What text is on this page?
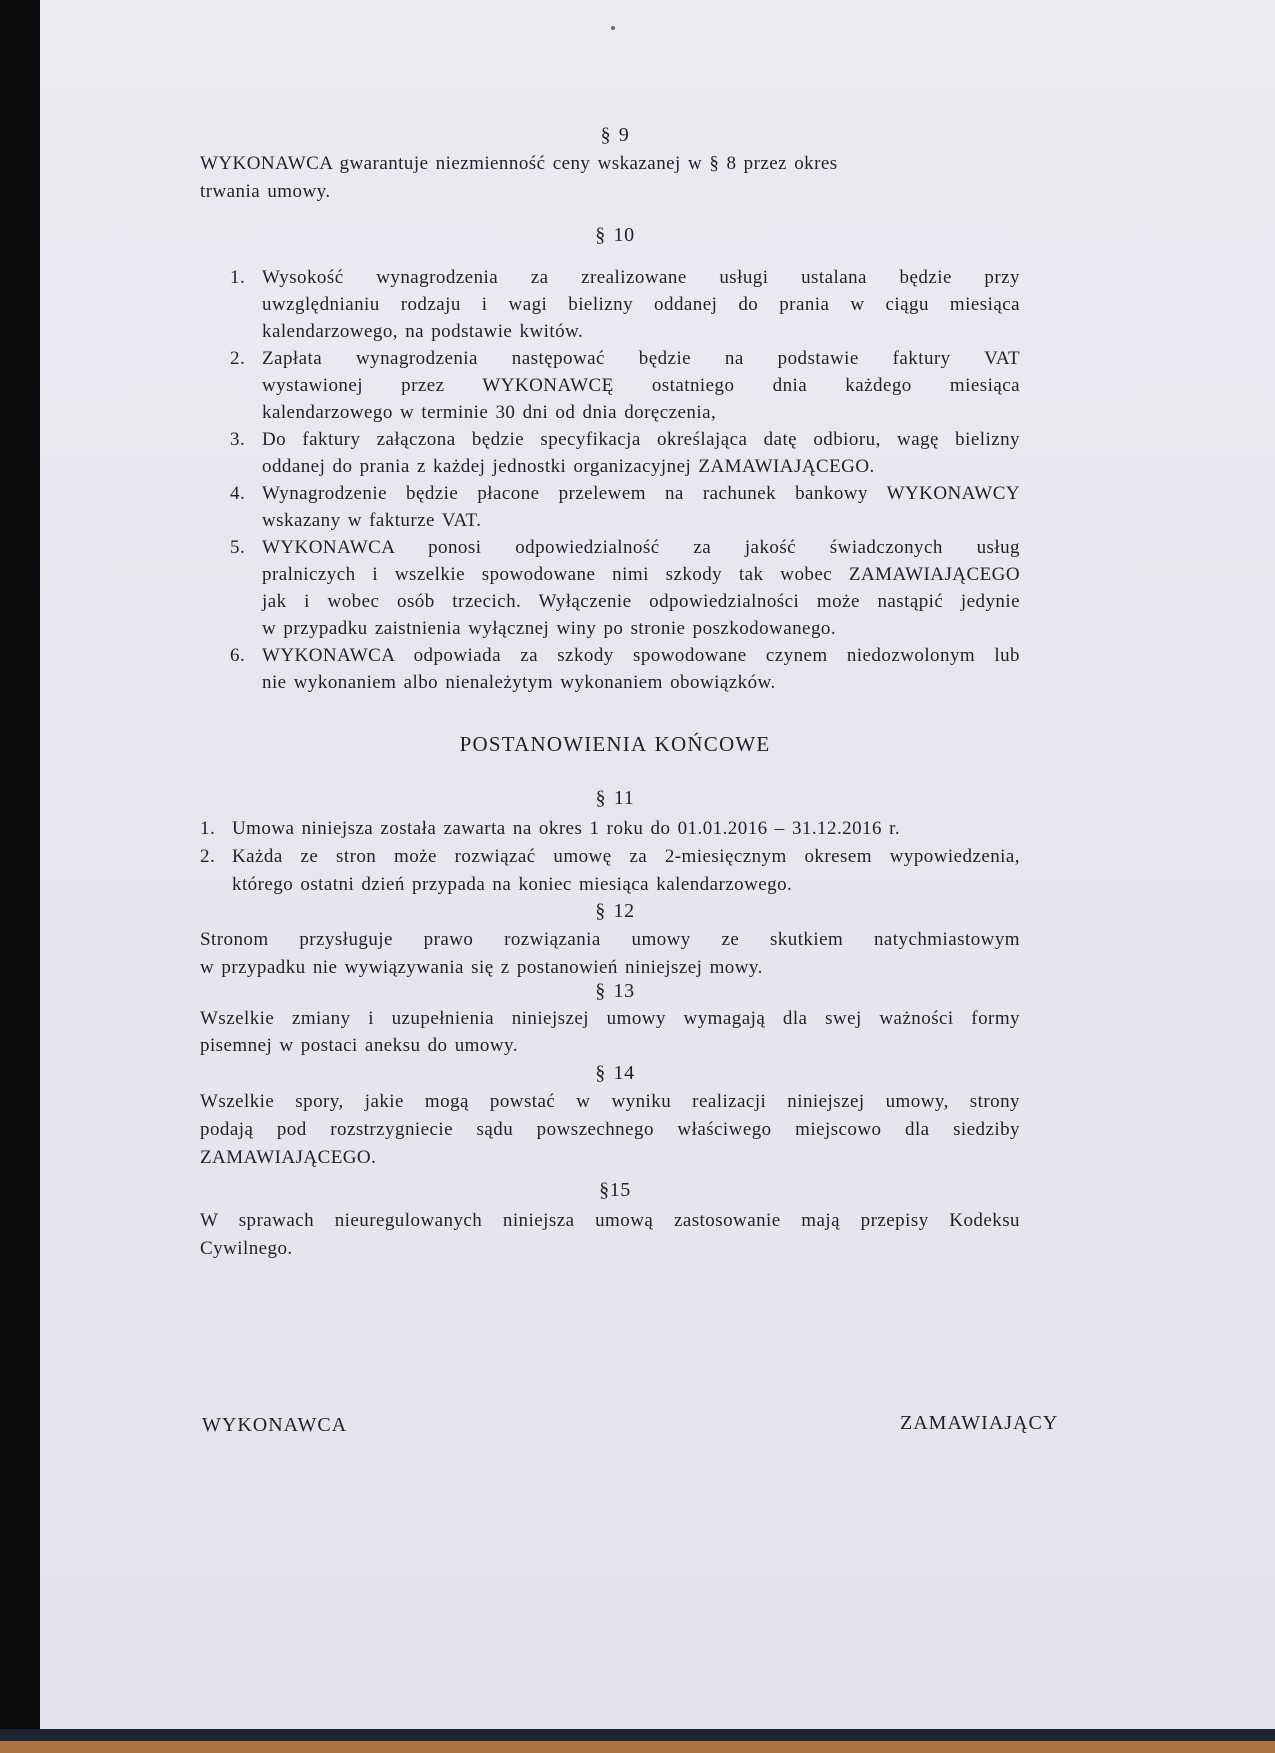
§ 9
WYKONAWCA gwarantuje niezmienność ceny wskazanej w § 8 przez okres
trwania umowy.
§ 10
1. Wysokość wynagrodzenia za zrealizowane usługi ustalana będzie przy
uwzględnianiu rodzaju i wagi bielizny oddanej do prania w ciągu miesiąca
kalendarzowego, na podstawie kwitów.
2. Zapłata wynagrodzenia następować będzie na podstawie faktury VAT
wystawionej przez WYKONAWCĘ ostatniego dnia każdego miesiąca
kalendarzowego w terminie 30 dni od dnia doręczenia,
3. Do faktury załączona będzie specyfikacja określająca datę odbioru, wagę bielizny
oddanej do prania z każdej jednostki organizacyjnej ZAMAWIAJĄCEGO.
4. Wynagrodzenie będzie płacone przelewem na rachunek bankowy WYKONAWCY
wskazany w fakturze VAT.
5. WYKONAWCA ponosi odpowiedzialność za jakość świadczonych usług
pralniczych i wszelkie spowodowane nimi szkody tak wobec ZAMAWIAJĄCEGO
jak i wobec osób trzecich. Wyłączenie odpowiedzialności może nastąpić jedynie
w przypadku zaistnienia wyłącznej winy po stronie poszkodowanego.
6. WYKONAWCA odpowiada za szkody spowodowane czynem niedozwolonym lub
nie wykonaniem albo nienależytym wykonaniem obowiązków.
POSTANOWIENIA KOŃCOWE
§ 11
1. Umowa niniejsza została zawarta na okres 1 roku do 01.01.2016 – 31.12.2016 r.
2. Każda ze stron może rozwiązać umowę za 2-miesięcznym okresem wypowiedzenia,
którego ostatni dzień przypada na koniec miesiąca kalendarzowego.
§ 12
Stronom przysługuje prawo rozwiązania umowy ze skutkiem natychmiastowym
w przypadku nie wywiązywania się z postanowień niniejszej mowy.
§ 13
Wszelkie zmiany i uzupełnienia niniejszej umowy wymagają dla swej ważności formy
pisemnej w postaci aneksu do umowy.
§ 14
Wszelkie spory, jakie mogą powstać w wyniku realizacji niniejszej umowy, strony
podają pod rozstrzygniecie sądu powszechnego właściwego miejscowo dla siedziby
ZAMAWIAJĄCEGO.
§15
W sprawach nieuregulowanych niniejsza umową zastosowanie mają przepisy Kodeksu
Cywilnego.
WYKONAWCA	ZAMAWIAJĄCY
